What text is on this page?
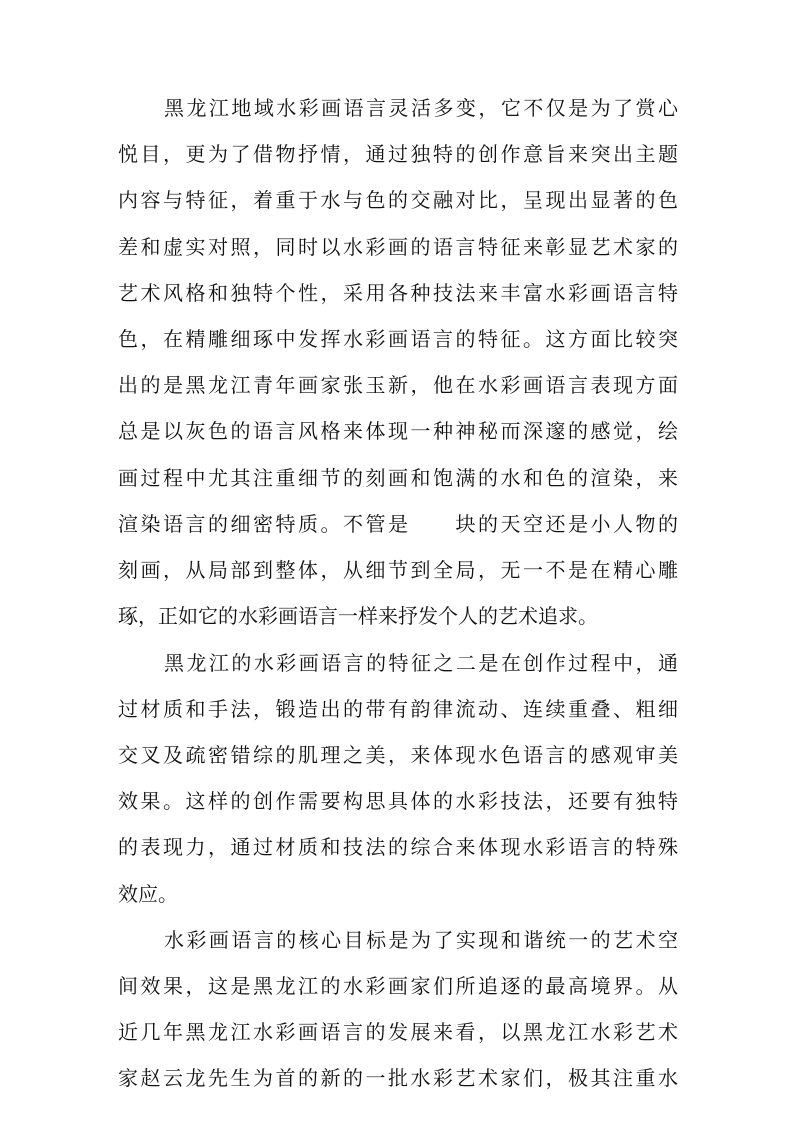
黑龙江地域水彩画语言灵活多变，它不仅是为了赏心
悦目，更为了借物抒情，通过独特的创作意旨来突出主题
内容与特征，着重于水与色的交融对比，呈现出显著的色
差和虚实对照，同时以水彩画的语言特征来彰显艺术家的
艺术风格和独特个性，采用各种技法来丰富水彩画语言特
色，在精雕细琢中发挥水彩画语言的特征。这方面比较突
出的是黑龙江青年画家张玉新，他在水彩画语言表现方面
总是以灰色的语言风格来体现一种神秘而深邃的感觉，绘
画过程中尤其注重细节的刻画和饱满的水和色的渲染，来
渲染语言的细密特质。不管是　　块的天空还是小人物的
刻画，从局部到整体，从细节到全局，无一不是在精心雕
琢，正如它的水彩画语言一样来抒发个人的艺术追求。
黑龙江的水彩画语言的特征之二是在创作过程中，通
过材质和手法，锻造出的带有韵律流动、连续重叠、粗细
交叉及疏密错综的肌理之美，来体现水色语言的感观审美
效果。这样的创作需要构思具体的水彩技法，还要有独特
的表现力，通过材质和技法的综合来体现水彩语言的特殊
效应。
水彩画语言的核心目标是为了实现和谐统一的艺术空
间效果，这是黑龙江的水彩画家们所追逐的最高境界。从
近几年黑龙江水彩画语言的发展来看，以黑龙江水彩艺术
家赵云龙先生为首的新的一批水彩艺术家们，极其注重水
